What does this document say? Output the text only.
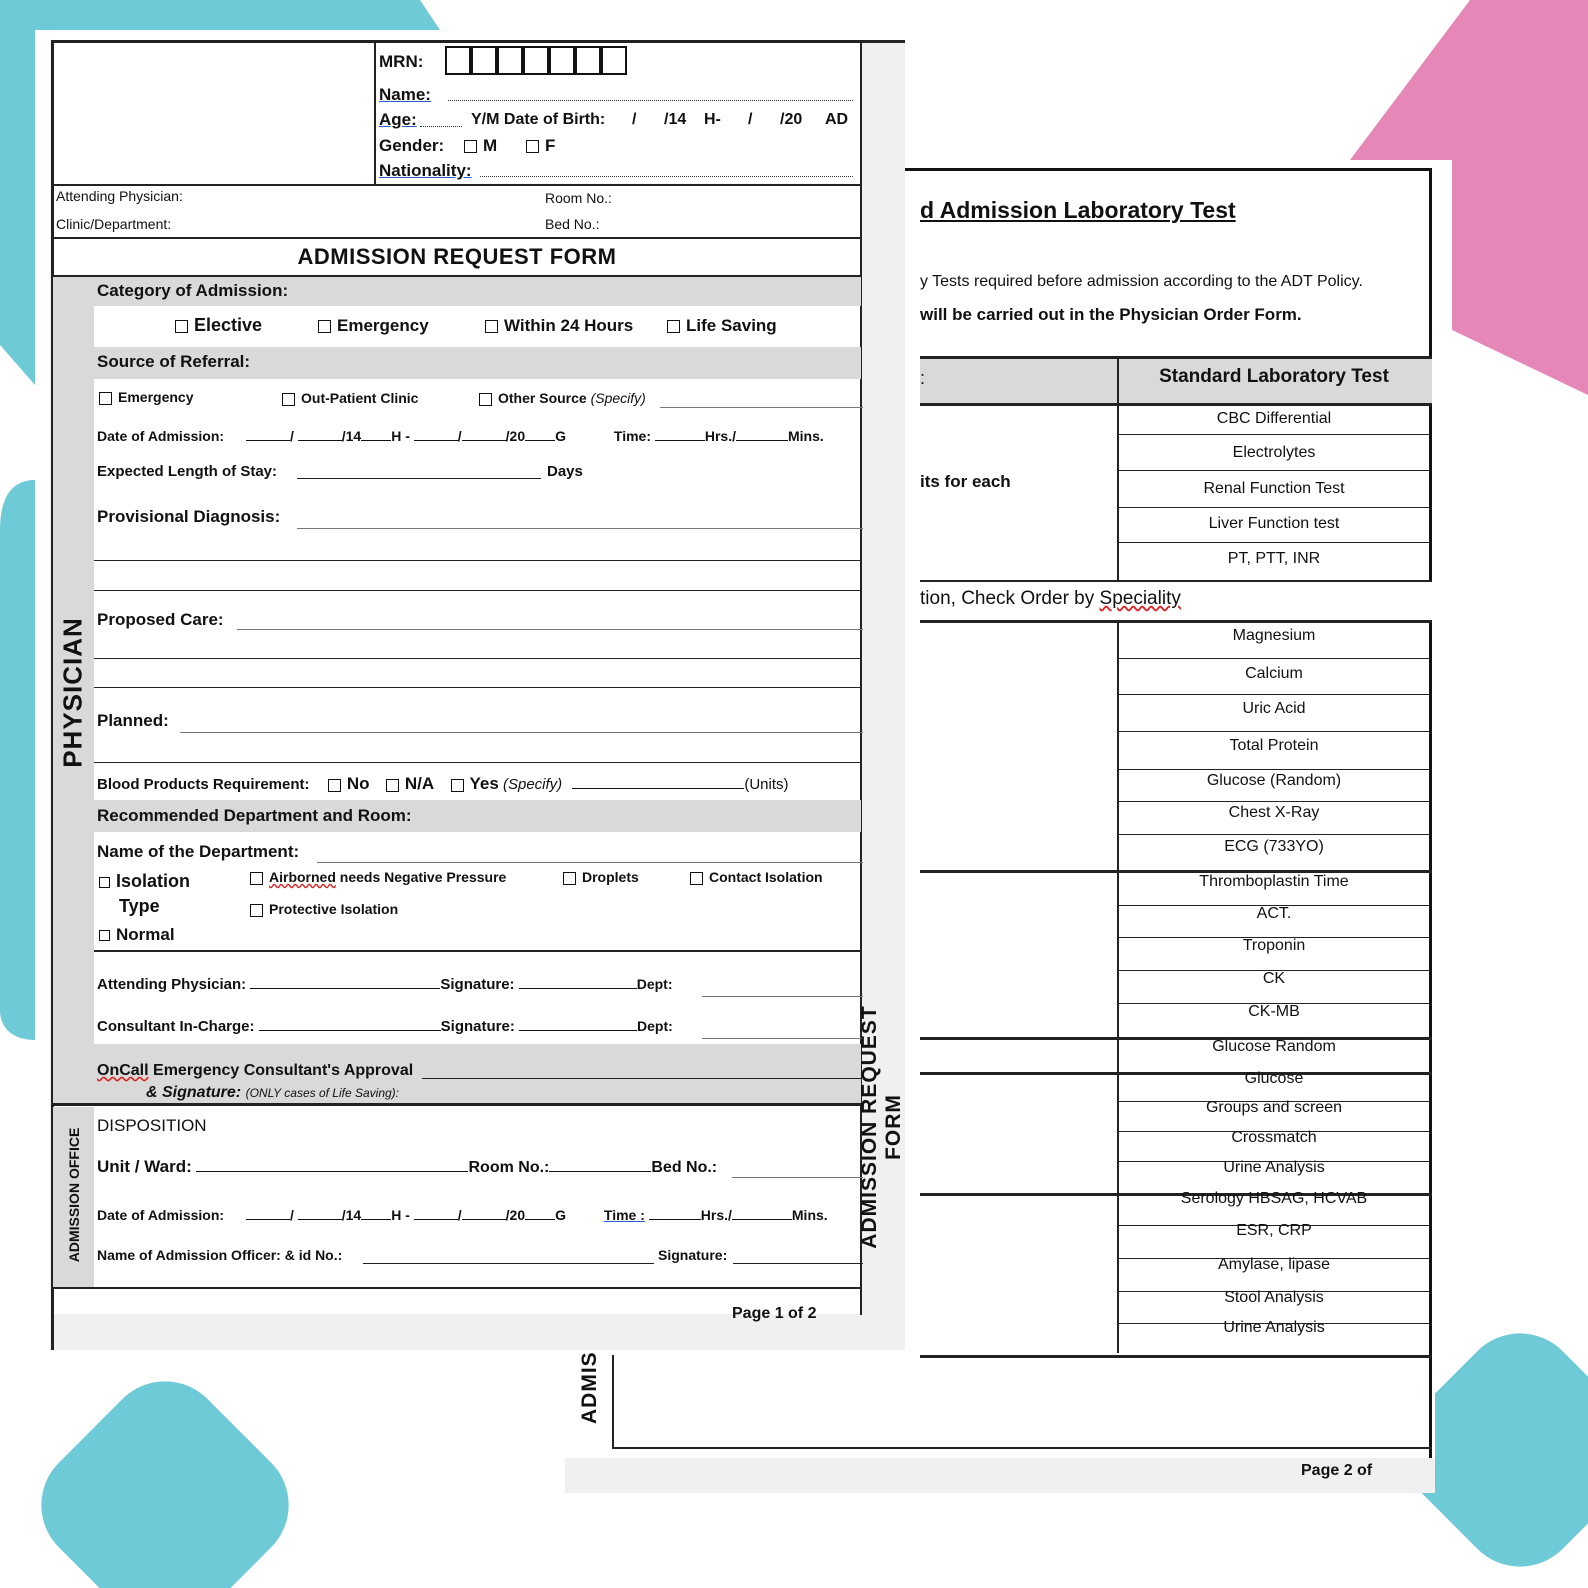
d Admission Laboratory Test
y Tests required before admission according to the ADT Policy.
will be carried out in the Physician Order Form.
:	Standard Laboratory Test
its for each
tion, Check Order by Speciality
CBC Differential
Electrolytes
Renal Function Test
Liver Function test
PT, PTT, INR
Magnesium
Calcium
Uric Acid
Total Protein
Glucose (Random)
Chest X-Ray
ECG (733YO)
Thromboplastin Time
ACT.
Troponin
CK
CK-MB
Glucose Random
Glucose
Groups and screen
Crossmatch
Urine Analysis
Serology HBSAG, HCVAB
ESR, CRP
Amylase, lipase
Stool Analysis
Urine Analysis
ADMIS
Page 2 of
MRN:
Name:
Age:	Y/M Date of Birth: / /14 H- / /20 AD
Gender:	M	F
Nationality:
Attending Physician:	Room No.:
Clinic/Department:	Bed No.:
ADMISSION REQUEST FORM
PHYSICIAN
Category of Admission:
Elective	Emergency	Within 24 Hours	Life Saving
Source of Referral:
Emergency	Out-Patient Clinic	Other Source (Specify)
Date of Admission:	/	/14 H -	/	/20 G	Time:	Hrs./	Mins.
Expected Length of Stay:	Days
Provisional Diagnosis:
Proposed Care:
Planned:
Blood Products Requirement: No N/A Yes (Specify)	(Units)
Recommended Department and Room:
Name of the Department:
Isolation
Type
Normal
Airborned needs Negative Pressure	Droplets	Contact Isolation
Protective Isolation
Attending Physician:	Signature:	Dept:
Consultant In-Charge:	Signature:	Dept:
OnCall Emergency Consultant's Approval
& Signature: (ONLY cases of Life Saving):
ADMISSION OFFICE
DISPOSITION
Unit / Ward:	Room No.:	Bed No.:
Date of Admission:	/	/14 H -	/	/20 G	Time :	Hrs./	Mins.
Name of Admission Officer: & id No.:	Signature:
Page 1 of 2
ADMISSION REQUEST FORM
